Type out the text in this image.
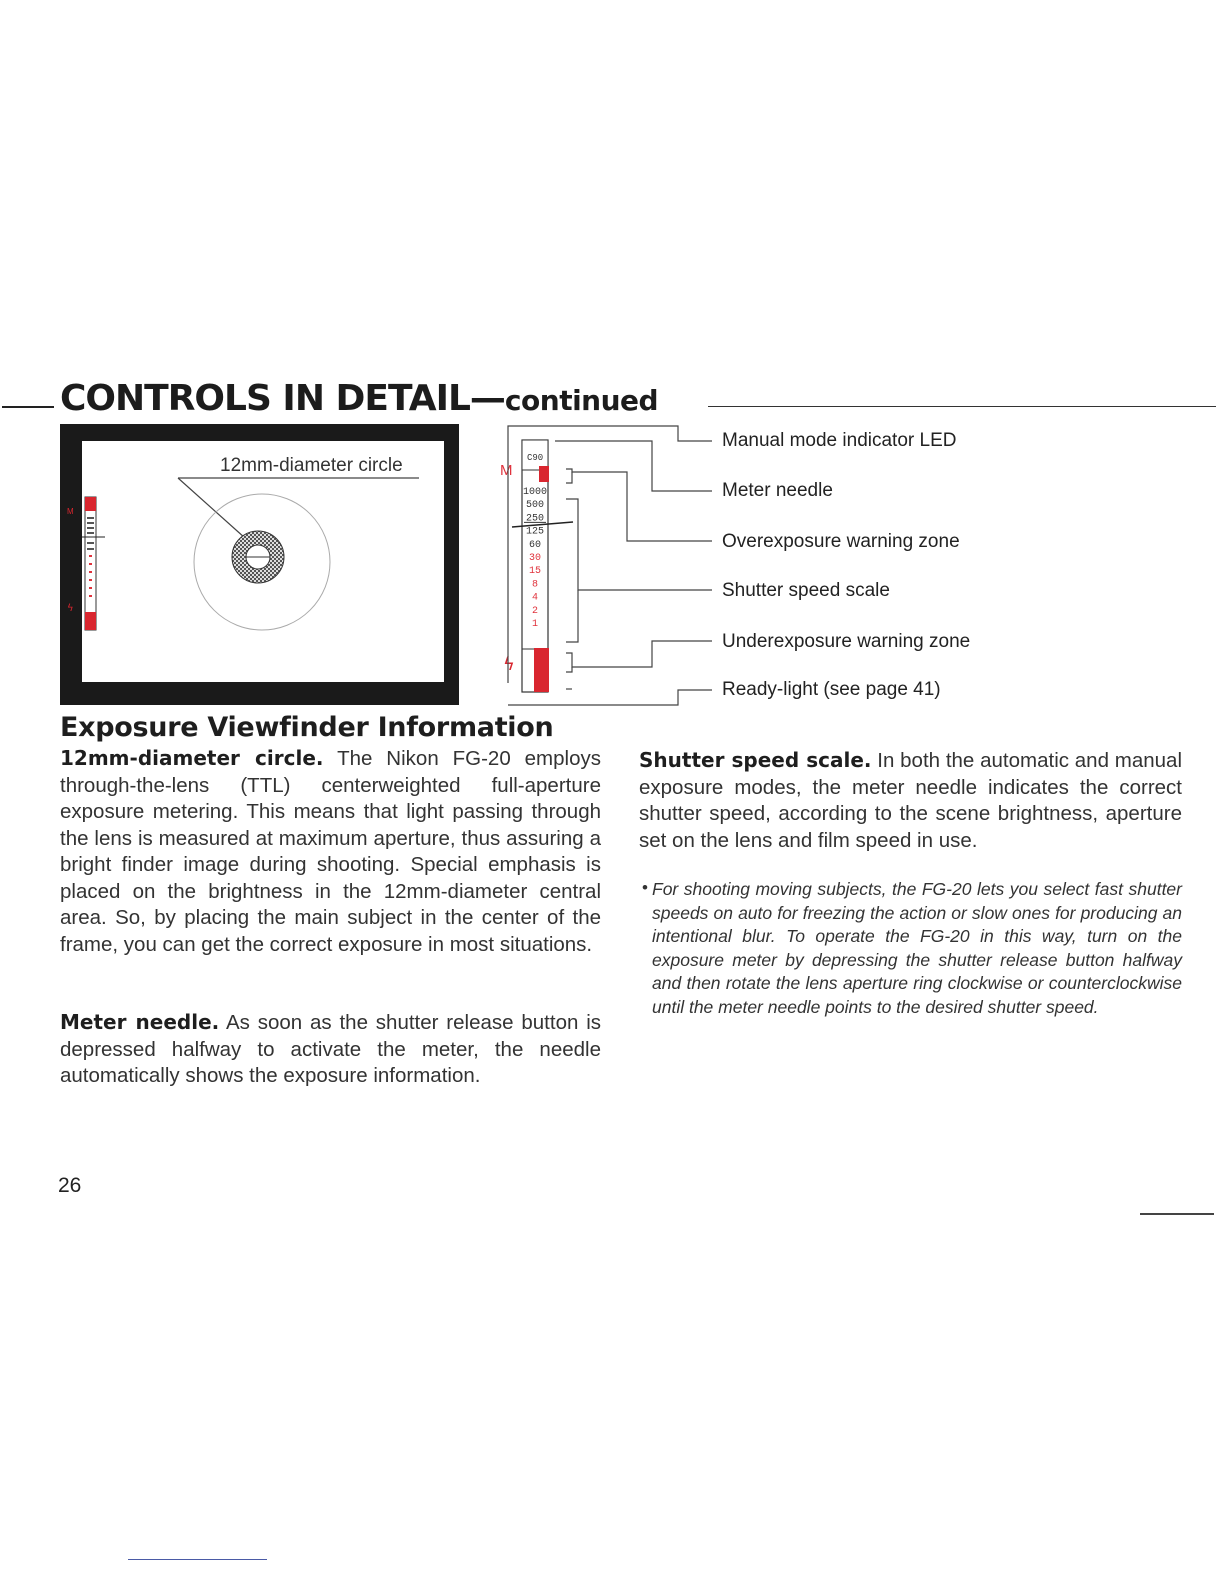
CONTROLS IN DETAIL—continued
12mm-diameter circle
M
ϟ
M
C90
1000
500
250
125
60
30
15
8
4
2
1
ϟ
Manual mode indicator LED
Meter needle
Overexposure warning zone
Shutter speed scale
Underexposure warning zone
Ready-light (see page 41)
Exposure Viewfinder Information

12mm-diameter circle. The Nikon FG-20 employs through-the-lens (TTL) centerweighted full-aperture exposure metering. This means that light passing through the lens is measured at maximum aperture, thus assuring a bright finder image during shooting. Special emphasis is placed on the brightness in the 12mm-diameter central area. So, by placing the main subject in the center of the frame, you can get the correct exposure in most situations.

Meter needle. As soon as the shutter release button is depressed halfway to activate the meter, the needle automatically shows the exposure information.

Shutter speed scale. In both the automatic and manual exposure modes, the meter needle indicates the correct shutter speed, according to the scene brightness, aperture set on the lens and film speed in use.

• For shooting moving subjects, the FG-20 lets you select fast shutter speeds on auto for freezing the action or slow ones for producing an intentional blur. To operate the FG-20 in this way, turn on the exposure meter by depressing the shutter release button halfway and then rotate the lens aperture ring clockwise or counterclockwise until the meter needle points to the desired shutter speed.

26
